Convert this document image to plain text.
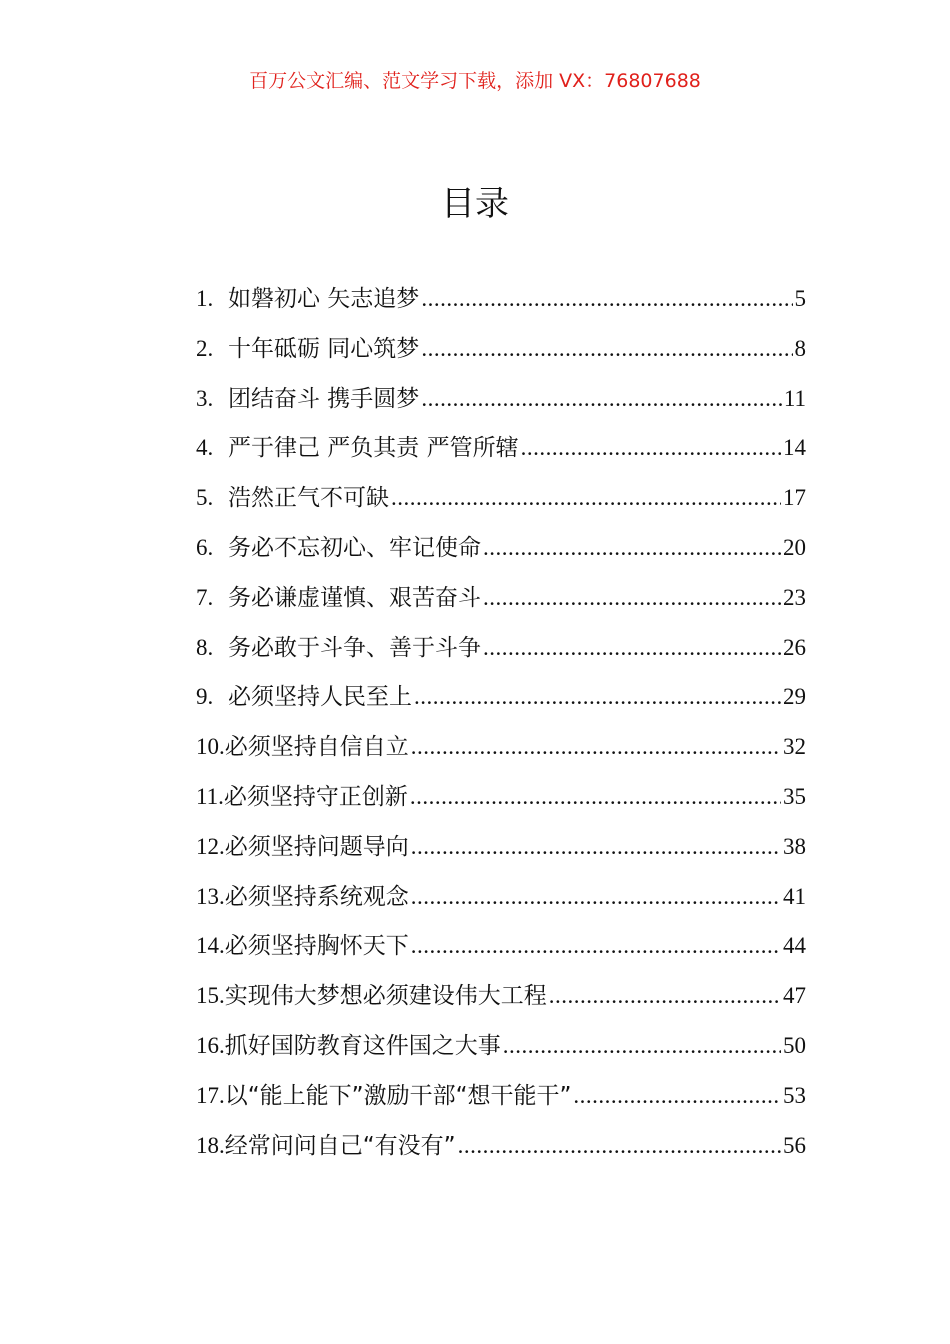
百万公文汇编、范文学习下载，添加 VX：76807688
目录
1. 如磐初心 矢志追梦 .....	5
2. 十年砥砺 同心筑梦 .....	8
3. 团结奋斗 携手圆梦 .....	11
4. 严于律己 严负其责 严管所辖 .....	14
5. 浩然正气不可缺 .....	17
6. 务必不忘初心、牢记使命 .....	20
7. 务必谦虚谨慎、艰苦奋斗 .....	23
8. 务必敢于斗争、善于斗争 .....	26
9. 必须坚持人民至上 .....	29
10. 必须坚持自信自立 .....	32
11. 必须坚持守正创新 .....	35
12. 必须坚持问题导向 .....	38
13. 必须坚持系统观念 .....	41
14. 必须坚持胸怀天下 .....	44
15. 实现伟大梦想必须建设伟大工程 .....	47
16. 抓好国防教育这件国之大事 .....	50
17. 以“能上能下”激励干部“想干能干” .....	53
18. 经常问问自己“有没有” .....	56
